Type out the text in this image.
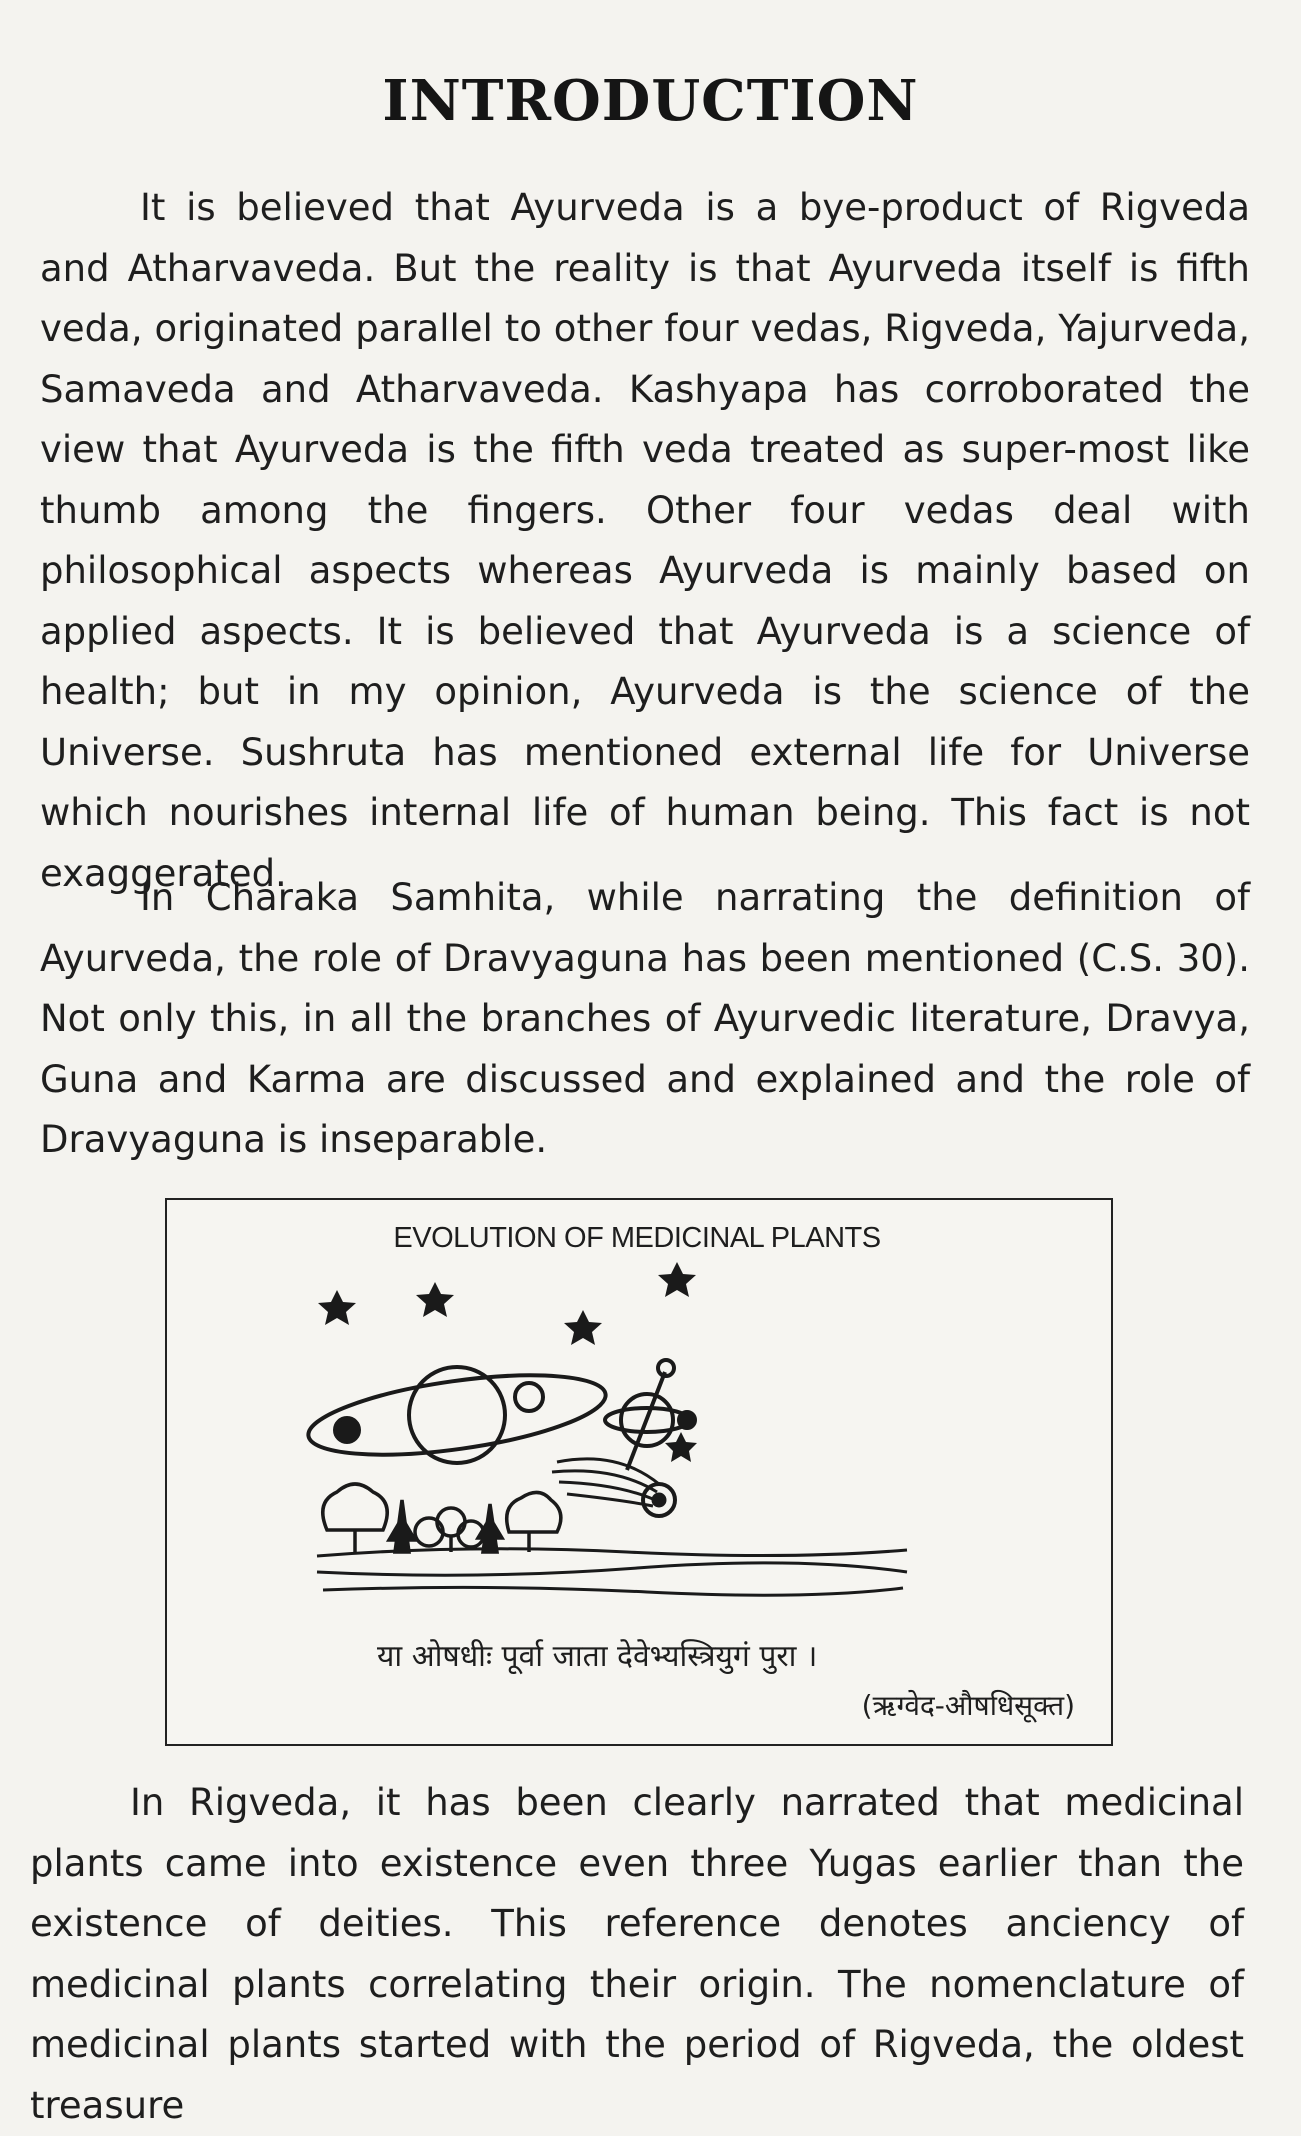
INTRODUCTION

It is believed that Ayurveda is a bye-product of Rigveda and Atharvaveda. But the reality is that Ayurveda itself is fifth veda, originated parallel to other four vedas, Rigveda, Yajurveda, Samaveda and Atharvaveda. Kashyapa has corroborated the view that Ayurveda is the fifth veda treated as super-most like thumb among the fingers. Other four vedas deal with philosophical aspects whereas Ayurveda is mainly based on applied aspects. It is believed that Ayurveda is a science of health; but in my opinion, Ayurveda is the science of the Universe. Sushruta has mentioned external life for Universe which nourishes internal life of human being. This fact is not exaggerated.

In Charaka Samhita, while narrating the definition of Ayurveda, the role of Dravyaguna has been mentioned (C.S. 30). Not only this, in all the branches of Ayurvedic literature, Dravya, Guna and Karma are discussed and explained and the role of Dravyaguna is inseparable.

EVOLUTION OF MEDICINAL PLANTS
या ओषधीः पूर्वा जाता देवेभ्यस्त्रियुगं पुरा ।
(ऋग्वेद-औषधिसूक्त)

In Rigveda, it has been clearly narrated that medicinal plants came into existence even three Yugas earlier than the existence of deities. This reference denotes anciency of medicinal plants correlating their origin. The nomenclature of medicinal plants started with the period of Rigveda, the oldest treasure
